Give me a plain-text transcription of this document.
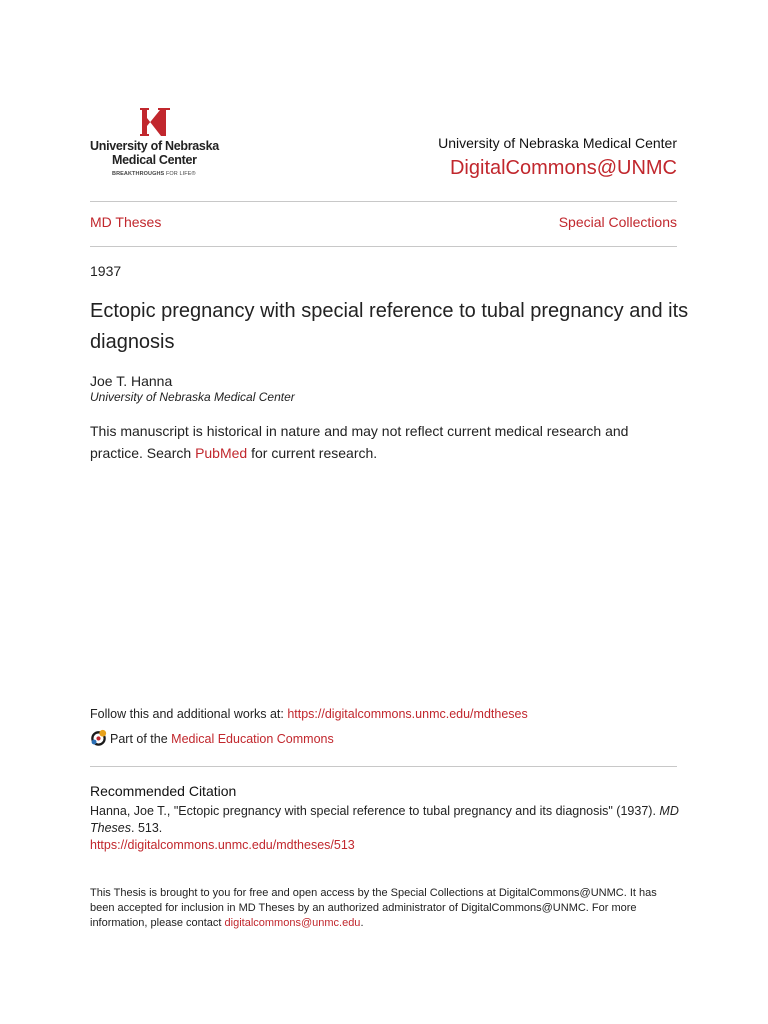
University of Nebraska
Medical Center
BREAKTHROUGHS FOR LIFE®
University of Nebraska Medical Center
DigitalCommons@UNMC
MD Theses	Special Collections
1937
Ectopic pregnancy with special reference to tubal pregnancy and its diagnosis
Joe T. Hanna
University of Nebraska Medical Center
This manuscript is historical in nature and may not reflect current medical research and practice. Search PubMed for current research.
Follow this and additional works at: https://digitalcommons.unmc.edu/mdtheses
Part of the Medical Education Commons
Recommended Citation
Hanna, Joe T., "Ectopic pregnancy with special reference to tubal pregnancy and its diagnosis" (1937). MD Theses. 513.
https://digitalcommons.unmc.edu/mdtheses/513
This Thesis is brought to you for free and open access by the Special Collections at DigitalCommons@UNMC. It has been accepted for inclusion in MD Theses by an authorized administrator of DigitalCommons@UNMC. For more information, please contact digitalcommons@unmc.edu.
